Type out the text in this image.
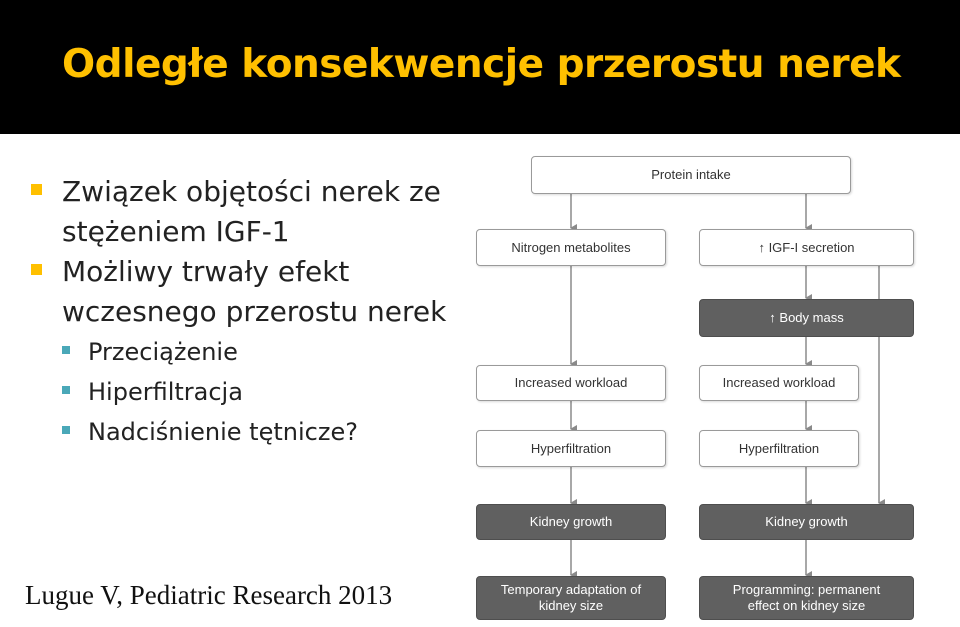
Odległe konsekwencje przerostu nerek
Związek objętości nerek ze stężeniem IGF-1
Możliwy trwały efekt wczesnego przerostu nerek
Przeciążenie
Hiperfiltracja
Nadciśnienie tętnicze?
Lugue V, Pediatric Research 2013
Protein intake
Nitrogen metabolites	↑ IGF-I secretion
↑ Body mass
Increased workload	Increased workload
Hyperfiltration	Hyperfiltration
Kidney growth	Kidney growth
Temporary adaptation of kidney size
Programming: permanent effect on kidney size
